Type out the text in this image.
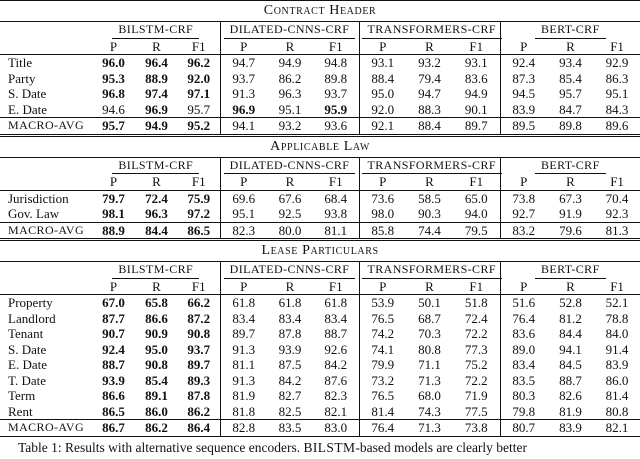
Contract Header												
	BILSTM-CRF			DILATED-CNNS-CRF			TRANSFORMERS-CRF			BERT-CRF		
	P	R	F1	P	R	F1	P	R	F1	P	R	F1
Title	96.0	96.4	96.2	94.7	94.9	94.8	93.1	93.2	93.1	92.4	93.4	92.9
Party	95.3	88.9	92.0	93.7	86.2	89.8	88.4	79.4	83.6	87.3	85.4	86.3
S. Date	96.8	97.4	97.1	91.3	96.3	93.7	95.0	94.7	94.9	94.5	95.7	95.1
E. Date	94.6	96.9	95.7	96.9	95.1	95.9	92.0	88.3	90.1	83.9	84.7	84.3
MACRO-AVG	95.7	94.9	95.2	94.1	93.2	93.6	92.1	88.4	89.7	89.5	89.8	89.6
Applicable Law												
	BILSTM-CRF			DILATED-CNNS-CRF			TRANSFORMERS-CRF			BERT-CRF		
	P	R	F1	P	R	F1	P	R	F1	P	R	F1
Jurisdiction	79.7	72.4	75.9	69.6	67.6	68.4	73.6	58.5	65.0	73.8	67.3	70.4
Gov. Law	98.1	96.3	97.2	95.1	92.5	93.8	98.0	90.3	94.0	92.7	91.9	92.3
MACRO-AVG	88.9	84.4	86.5	82.3	80.0	81.1	85.8	74.4	79.5	83.2	79.6	81.3
Lease Particulars												
	BILSTM-CRF			DILATED-CNNS-CRF			TRANSFORMERS-CRF			BERT-CRF		
	P	R	F1	P	R	F1	P	R	F1	P	R	F1
Property	67.0	65.8	66.2	61.8	61.8	61.8	53.9	50.1	51.8	51.6	52.8	52.1
Landlord	87.7	86.6	87.2	83.4	83.4	83.4	76.5	68.7	72.4	76.4	81.2	78.8
Tenant	90.7	90.9	90.8	89.7	87.8	88.7	74.2	70.3	72.2	83.6	84.4	84.0
S. Date	92.4	95.0	93.7	91.3	93.9	92.6	74.1	80.8	77.3	89.0	94.1	91.4
E. Date	88.7	90.8	89.7	81.1	87.5	84.2	79.9	71.1	75.2	83.4	84.5	83.9
T. Date	93.9	85.4	89.3	91.3	84.2	87.6	73.2	71.3	72.2	83.5	88.7	86.0
Term	86.6	89.1	87.8	81.9	82.7	82.3	76.5	68.0	71.9	80.3	82.6	81.4
Rent	86.5	86.0	86.2	81.8	82.5	82.1	81.4	74.3	77.5	79.8	81.9	80.8
MACRO-AVG	86.7	86.2	86.4	82.8	83.5	83.0	76.4	71.3	73.8	80.7	83.9	82.1
Table 1: Results with alternative sequence encoders. BILSTM-based models are clearly better
